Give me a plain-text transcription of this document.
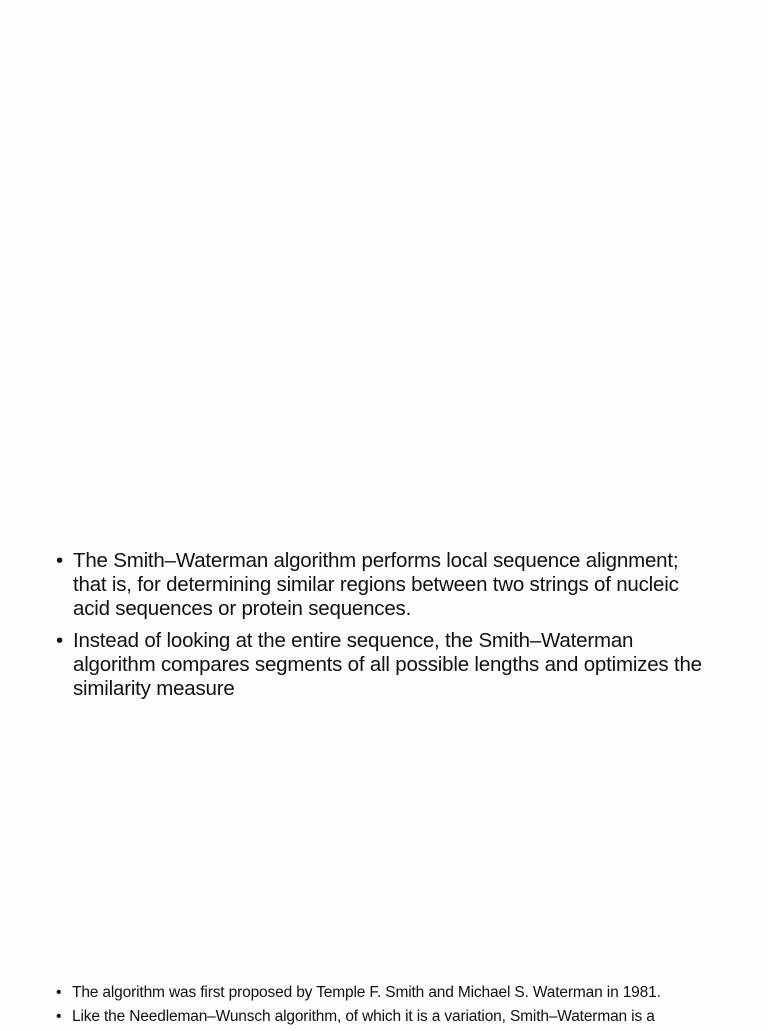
• The Smith–Waterman algorithm performs local sequence alignment; that is, for determining similar regions between two strings of nucleic acid sequences or protein sequences.
• Instead of looking at the entire sequence, the Smith–Waterman algorithm compares segments of all possible lengths and optimizes the similarity measure
• The algorithm was first proposed by Temple F. Smith and Michael S. Waterman in 1981.
• Like the Needleman–Wunsch algorithm, of which it is a variation, Smith–Waterman is a
